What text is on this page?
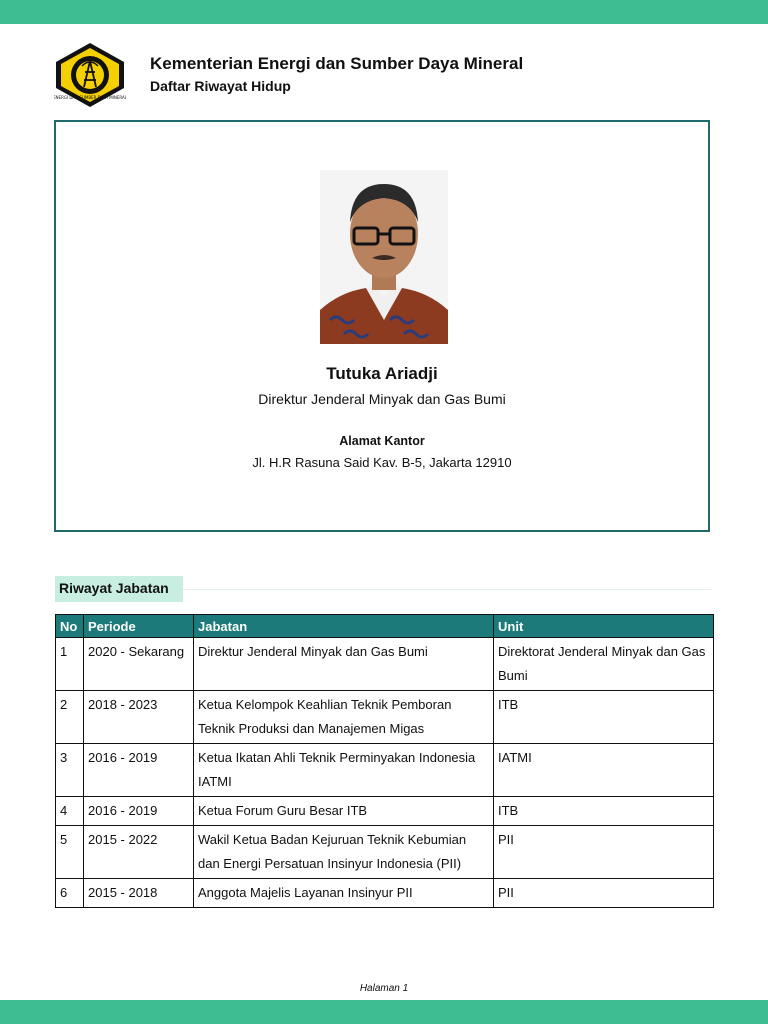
ENERGI DAN SUMBER DAYA MINERAL
Kementerian Energi dan Sumber Daya Mineral
Daftar Riwayat Hidup
Tutuka Ariadji
Direktur Jenderal Minyak dan Gas Bumi
Alamat Kantor
Jl. H.R Rasuna Said Kav. B-5, Jakarta 12910
Riwayat Jabatan
No	Periode	Jabatan	Unit
1	2020 - Sekarang	Direktur Jenderal Minyak dan Gas Bumi	Direktorat Jenderal Minyak dan Gas Bumi
2	2018 - 2023	Ketua Kelompok Keahlian Teknik Pemboran Teknik Produksi dan Manajemen Migas	ITB
3	2016 - 2019	Ketua Ikatan Ahli Teknik Perminyakan Indonesia IATMI	IATMI
4	2016 - 2019	Ketua Forum Guru Besar ITB	ITB
5	2015 - 2022	Wakil Ketua Badan Kejuruan Teknik Kebumian dan Energi Persatuan Insinyur Indonesia (PII)	PII
6	2015 - 2018	Anggota Majelis Layanan Insinyur PII	PII
Halaman 1
